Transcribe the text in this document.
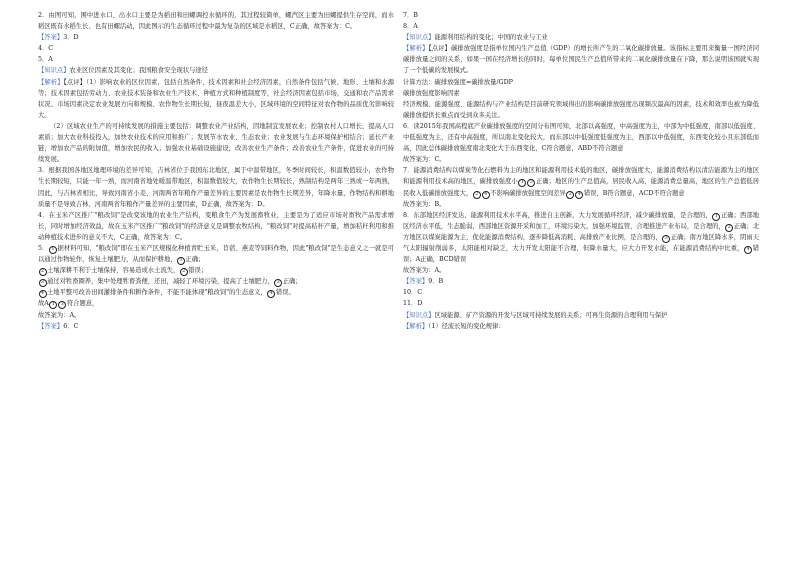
2．由图可知，围中进水口、出水口主要是为稻田和田螺调控水循环的，其过程较简单，螺汽区主要为田螺提供生存空间，而水稻区既有水稻生长、也有田螺活动，因此图示的生态循环过程中最为复杂的区域是水稻区，C正确，故答案为：C。

【答案】3．D

4．C

5．A

【知识点】农业区位因素及其变化；我国粮食安全现状与途径

【解析】【点评】（1）影响农业的区位因素，包括自然条件、技术因素和社会经济因素，自然条件包括气候、地形、土壤和水源等；技术因素包括劳动力、农业技术装备和农业生产技术、种植方式和种植制度等，社会经济因素包括市场，交通和农产品需求状况、市场因素决定农业发展方向和规模、农作物生长期长短，昼夜温差大小，区域环境的空间特征对农作物的品质优劣影响较大。

（2）区域农业生产的可持续发展的措施主要包括：调整农业产业结构，因地制宜发展农业；控制农村人口增长，提高人口素质；加大农业科技投入，加快农业技术的应用和推广；发展节水农业、生态农业；农业发展与生态环境保护相结合；延长产业链，增加农产品的附加值，增加农民的收入；加强农业基础设施建设，改善农业生产条件；改善农业生产条件，促进农业的可持续发展。

3．根据我国各地区地理环境的差异可知，吉林省位于我国东北地区，属于中温带地区，冬季时间较长，积温数值较小，农作物生长期较短，只能一年一熟，而河南省地处暖温带地区，积温数值较大，农作物生长期较长，熟制结构是两年三熟或一年两熟，因此，与吉林省相比，导致河南省小麦、河南两省年粮作产量差异的主要因素是农作物生长期差异，年降水量，作物结构和耕地质量不是导致吉林、河南两省年粮作产量差异的主要因素，D正确，故答案为：D。

4．在玉米产区推广"粮改饲"是改变该地的农业生产结构，变粮食生产为发展畜牧业，主要是为了适应市场对畜牧产品需求增长，同时增加经济效益，故在玉米产区推广"粮改饲"的经济意义是调整农牧结构，"粮改饲"对提高秸秆产量，增加秸秆利用和推动种植技术进步的意义不大，C正确，故答案为：C。

5． 1 据材料可知，"粮改饲"即在玉米产区规模化种植青贮玉米，苜蓿、燕麦等饲料作物，因此"粮改饲"是生态意义之一就是可以通过作物轮作，恢复土壤肥力，从而保护耕地， 1 正确；

2 土壤深耕不利于土壤保持，容易造成水土流失， 2 错误；

3 通过对牲畜圈养，集中处理牲畜粪便，还田，减轻了环境污染，提高了土壤肥力， 3 正确；

4 土地平整可改善田间灌排条件和耕作条件，不能不能体现"粮改饲"的生态意义， 4 错误。

故A 1 3 符合题意，

故答案为：A。

【答案】6．C

7．B

8．A

【知识点】能源利用结构的变化；中国的农业与工业

【解析】【点评】碳排放强度是指单位国内生产总值（GDP）的增长所产生的二氧化碳排放量。该指标主要用来衡量一国经济同碳排放量之间的关系，如果一国在经济增长的同时，每单位国民生产总值所带来的二氧化碳排放量在下降，那么说明该国就实现了一个低碳的发展模式。

计算方法：碳排放强度=碳排放量/GDP

碳排放强度影响因素

经济规模、能源强度、能源结构与产业结构是目前研究领域得出的影响碳排放强度出现频次最高的因素，技术和效率也被为降低碳排放提供长重点而受到众多关注。

6．读2015年我国高程底产业碳排放强度的空间分布图可知，北部以高强度，中高强度为主，中部为中低强度，南部以低强度、中低强度为主，还有中高强度，所以南北变化较大，而东部以中低强度低强度为主，西部以中低强度，东西变化较小且东部低而高，因此总体碳排放强度南北变化大于东西变化，C符合题意，ABD不符合题意

故答案为：C。

7．能源消费结构以煤炭等化石燃料为主的地区和能源利用技术低的地区，碳排放强度大，能源消费结构以清洁能源为主的地区和能源利用技术高的地区，碳排放强度小 1 3 正确；地区的生产总值高，居民收入高，能源消费总量高，地区的生产总值低居民收入低碳排放强度大， 2 4 不影响碳排放强度空间差异 2 4 错误，B符合题意，ACD不符合题意

故答案为：B。

8．东部地区经济发达，能源利用技术水平高，推进自主创新，大力发展循环经济，减少碳排放量，是合理的， 1 正确；西部地区经济水平低，生态脆弱，西部地区资源开采和加工，环境污染大，加强环境监管，合理推进产业布局，是合理的， 2 正确；北方地区以煤炭能源为主，优化能源消费结构，逐步降低高消耗、高排放产业比例，是合理的， 3 正确；南方地区降水多，阴雨天气太阳辐射削弱多，太阳能相对缺乏，大力开发太阳能不合理，但降水量大，应大力开发水能，在能源消费结构中比重， 4 错误；A正确，BCD错误

故答案为：A。

【答案】9．B

10．C

11．D

【知识点】区域能源、矿产资源的开发与区域可持续发展的关系；可再生资源的合理利用与保护

【解析】（1）径流长短的变化规律：
